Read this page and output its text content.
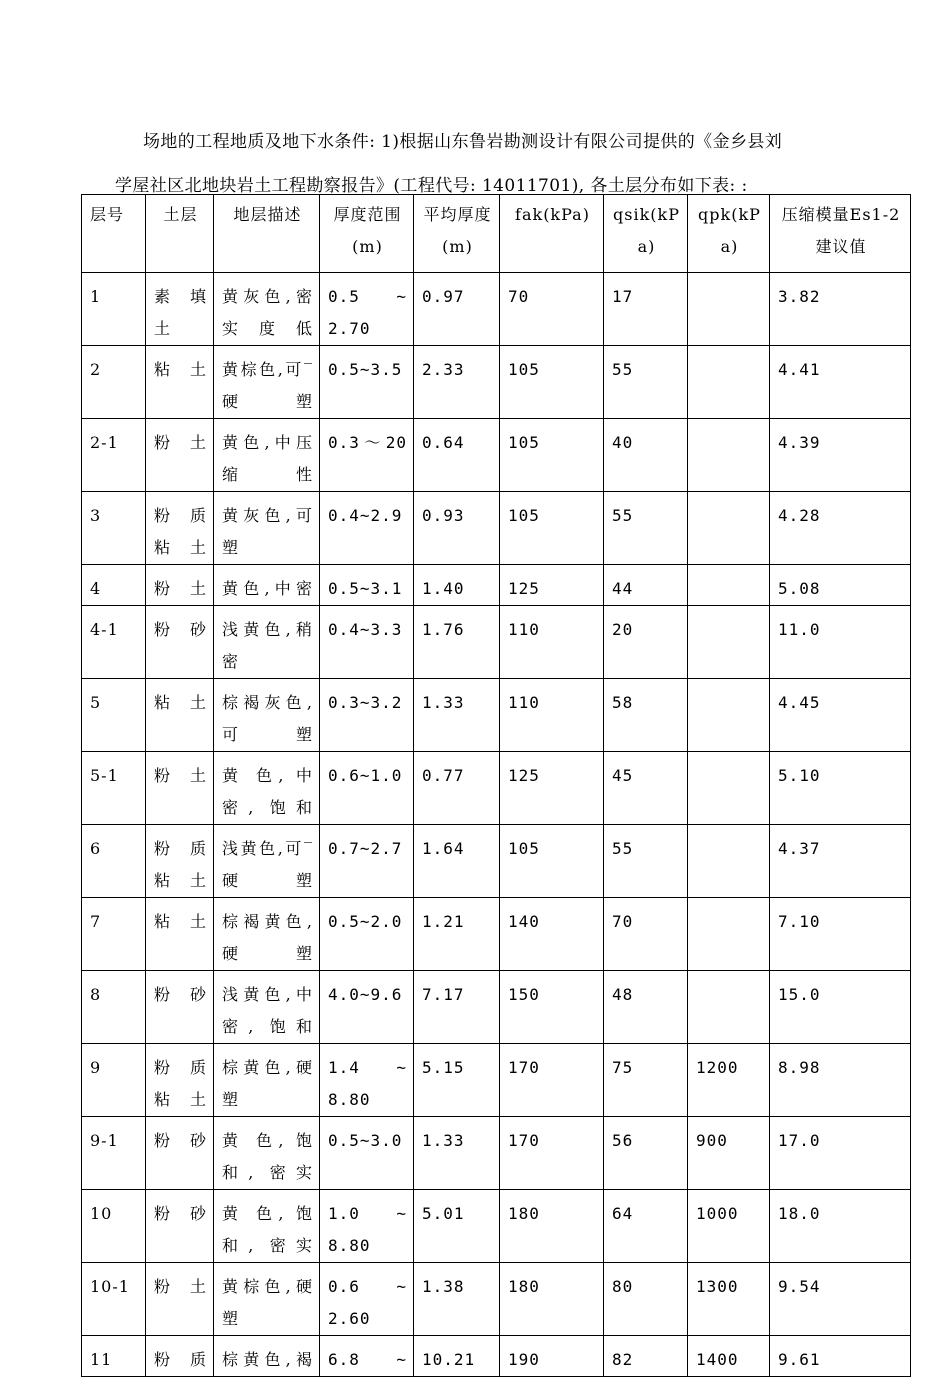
场地的工程地质及地下水条件: 1)根据山东鲁岩勘测设计有限公司提供的《金乡县刘

学屋社区北地块岩土工程勘察报告》(工程代号: 14011701), 各土层分布如下表: :

层号	土层	地层描述	厚度范围(m)	平均厚度(m)	fak(kPa)	qsik(kPa)	qpk(kPa)	压缩模量Es1-2建议值
1	素 填土	黄灰色,密实度低	0.5 ~ 2.70	0.97	70	17		3.82
2	粘土	黄棕色,可‾硬塑	0.5~3.5	2.33	105	55		4.41
2-1	粉土	黄色,中压缩性	0.3～20	0.64	105	40		4.39
3	粉 质粘土	黄灰色,可塑	0.4~2.9	0.93	105	55		4.28
4	粉土	黄色,中密	0.5~3.1	1.40	125	44		5.08
4-1	粉砂	浅黄色,稍密	0.4~3.3	1.76	110	20		11.0
5	粘土	棕褐灰色,可塑	0.3~3.2	1.33	110	58		4.45
5-1	粉土	黄 色, 中密, 饱和	0.6~1.0	0.77	125	45		5.10
6	粉 质粘土	浅黄色,可‾硬塑	0.7~2.7	1.64	105	55		4.37
7	粘土	棕褐黄色,硬塑	0.5~2.0	1.21	140	70		7.10
8	粉砂	浅黄色,中密, 饱和	4.0~9.6	7.17	150	48		15.0
9	粉 质粘土	棕黄色,硬塑	1.4 ~ 8.80	5.15	170	75	1200	8.98
9-1	粉砂	黄 色, 饱和, 密实	0.5~3.0	1.33	170	56	900	17.0
10	粉砂	黄 色, 饱和, 密实	1.0 ~ 8.80	5.01	180	64	1000	18.0
10-1	粉土	黄棕色,硬塑	0.6 ~ 2.60	1.38	180	80	1300	9.54
11	粉 质	棕黄色,褐	6.8 ~	10.21	190	82	1400	9.61
